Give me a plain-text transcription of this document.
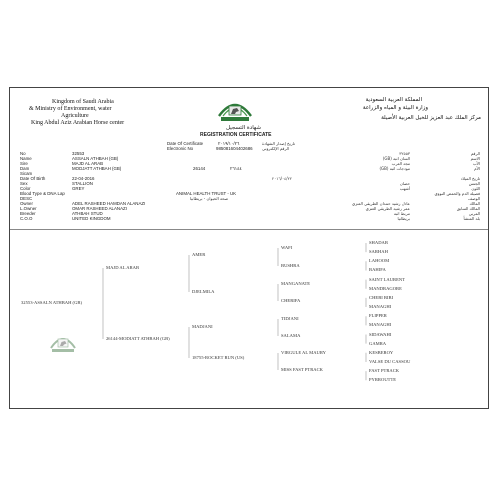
Kingdom of Saudi Arabia
& Ministry of Environment, water
Agriculture
King Abdul Aziz Arabian Horse center
المملكة العربية السعودية
وزارة البيئة و المياه والزراعة
مركز الملك عبد العزيز للخيل العربية الأصيلة
شهادة التسجيل
REGISTRATION CERTIFICATE
Date Of Certificate	٢٠١٩/١٠/٢٦	تاريخ إصدار الشهادة
Electronic No	985081604402686 الرقم الإلكتروني
No	32553	٣٢٥٥٣	الرقم
Name	ASSALN ATHBAH (GB)	السان اثبه (GB)	الاسم
Sire	MAJD AL ARAB	مجد العرب	الأب
Dam	MODJATT ATHBAH (GB)	26144	٢٦١٤٤	مودجات اثبه (GB)	الأم
Sicam
Date Of Birth	22-04-2016	٢٠١٦/٠٤/٢٢	تاريخ الميلاد
Sex	STALLION	حصان	الجنس
Color	GREY	أشهب	اللون
Blood Type & DNA Lap	ANIMAL HEALTH TRUST - UK	فصيلة الدم والحمض النووي
DESC	صحة الحيوان - بريطانيا	الوصف
Owner	ADEL RASHEED HAMDAN ALANAZI	عادل رشيد حمدان الطريقي العنزي	المالك
L.Owner	OMAR RASHEED ALANAZI	عمر رشيد الطريقي العنزي	المالك السابق
Breeder	ATHBAH STUD	مربط اثبه	المربي
C.O.O	UNITED KINGDOM	بريطانيا	بلد المنشأ
MAJD AL ARAB
32553-ASSALN ATHBAH (GB)
26144-MODIATT ATHBAH (GB)
AMER
DJELMILA
MADJANI
18755-ROCKET RUN (US)
WAFI
BUSHRA
MANGANATE
CHERIFA
TIDJANI
SALAMA
VIRGULE AL MAURY
MISS FAST PTRACK
SHADAB
SARHAH
LAHOOM
BAHIFA
SAINT LAURENT
MANDRAGORE
CHEBI BIBI
MANAGHI
FLIPPER
MANAGHI
SIDAWAHI
GAMRA
KESBEROY
VALSE DU CASSOU
FAST PTRACK
PYRROUTTE
